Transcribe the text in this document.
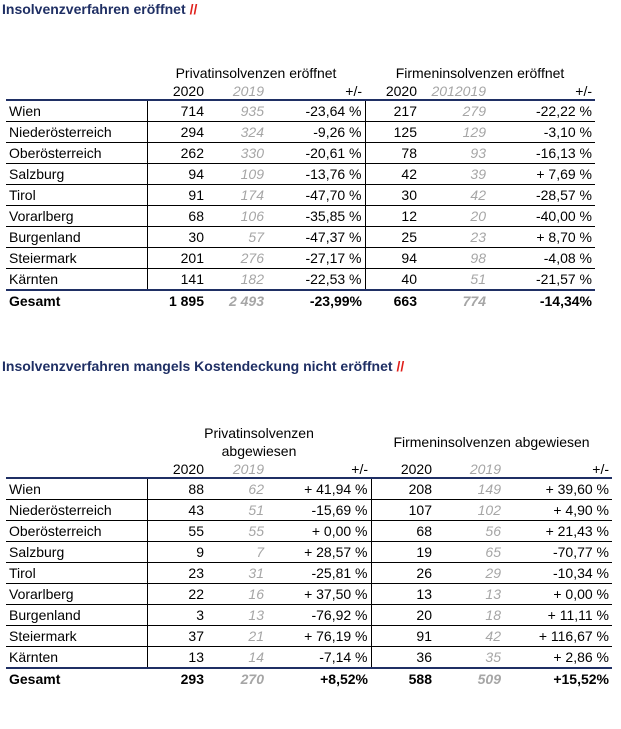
Insolvenzverfahren eröffnet //
	Privatinsolvenzen eröffnet			Firmeninsolvenzen eröffnet		
	2020	2019	+/-	2020	2012019	+/-
Wien	714	935	-23,64 %	217	279	-22,22 %
Niederösterreich	294	324	-9,26 %	125	129	-3,10 %
Oberösterreich	262	330	-20,61 %	78	93	-16,13 %
Salzburg	94	109	-13,76 %	42	39	+ 7,69 %
Tirol	91	174	-47,70 %	30	42	-28,57 %
Vorarlberg	68	106	-35,85 %	12	20	-40,00 %
Burgenland	30	57	-47,37 %	25	23	+ 8,70 %
Steiermark	201	276	-27,17 %	94	98	-4,08 %
Kärnten	141	182	-22,53 %	40	51	-21,57 %
Gesamt	1 895	2 493	-23,99%	663	774	-14,34%
Insolvenzverfahren mangels Kostendeckung nicht eröffnet //
	Privatinsolvenzen			Firmeninsolvenzen abgewiesen		
	abgewiesen					
	2020	2019	+/-	2020	2019	+/-
Wien	88	62	+ 41,94 %	208	149	+ 39,60 %
Niederösterreich	43	51	-15,69 %	107	102	+ 4,90 %
Oberösterreich	55	55	+ 0,00 %	68	56	+ 21,43 %
Salzburg	9	7	+ 28,57 %	19	65	-70,77 %
Tirol	23	31	-25,81 %	26	29	-10,34 %
Vorarlberg	22	16	+ 37,50 %	13	13	+ 0,00 %
Burgenland	3	13	-76,92 %	20	18	+ 11,11 %
Steiermark	37	21	+ 76,19 %	91	42	+ 116,67 %
Kärnten	13	14	-7,14 %	36	35	+ 2,86 %
Gesamt	293	270	+8,52%	588	509	+15,52%
